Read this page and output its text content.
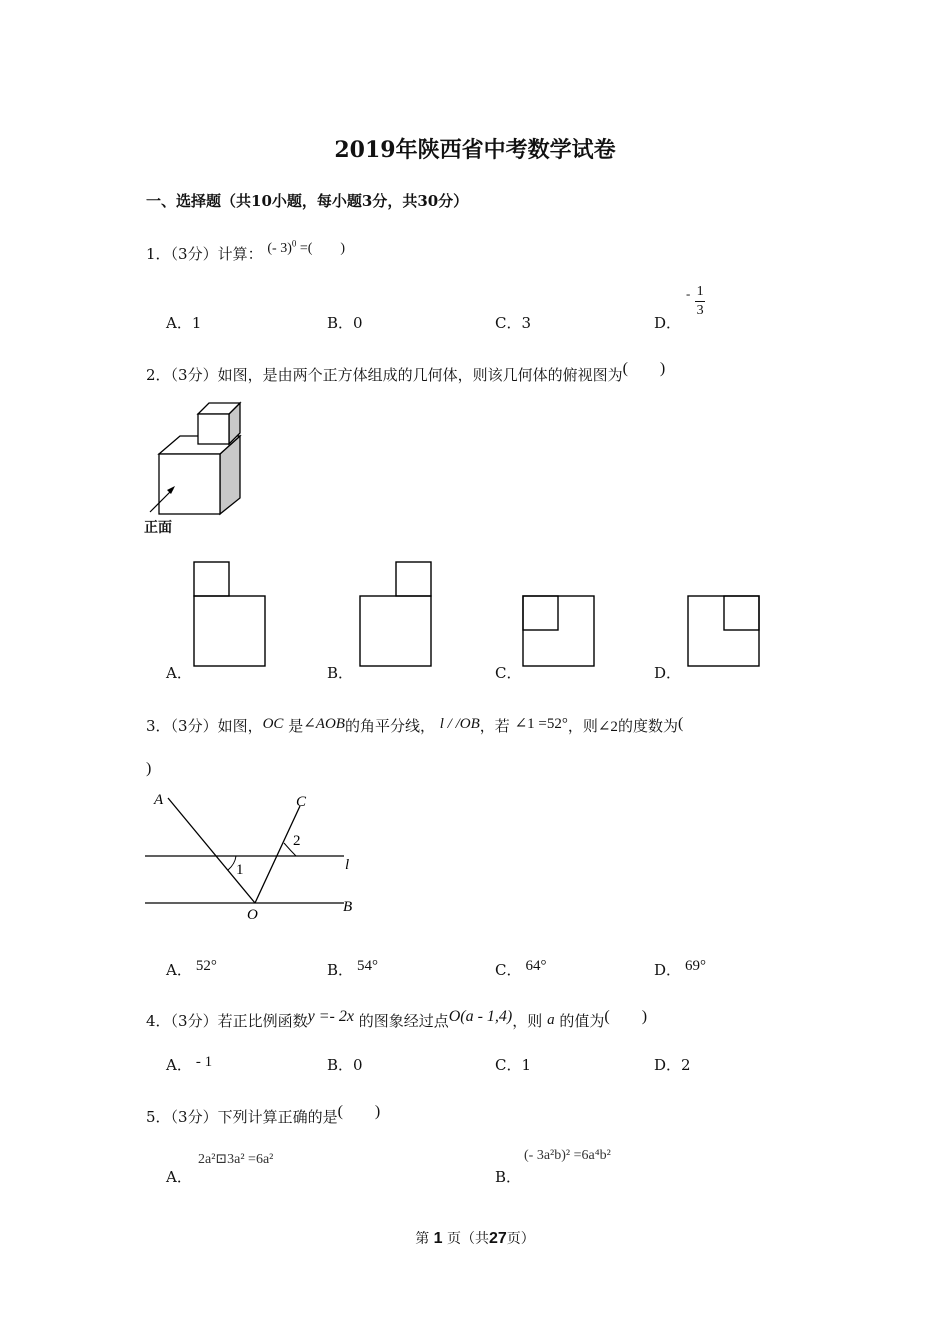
2019年陕西省中考数学试卷
一、选择题（共10小题，每小题3分，共30分）
1．（3分）计算： (- 3)$^0$ =(　　)
A．1	B．0	C．3	D．
- $\frac{1}{3}$
2．（3分）如图，是由两个正方体组成的几何体，则该几何体的俯视图为(　　)
正面
A．	B．	C．	D．
3．（3分）如图，OC 是∠AOB的角平分线， l / /OB，若 ∠1 =52°，则∠2的度数为(
)
A	C
1
2
l
O	B
A． 52°	B． 54°	C． 64°	D． 69°
4．（3分）若正比例函数y =- 2x 的图象经过点O(a - 1,4)，则 a 的值为(　　)
A． - 1	B．0	C．1	D．2
5．（3分）下列计算正确的是(　　)
A．
2a²⊡3a² =6a²
B．
(- 3a²b)² =6a⁴b²
第 1 页（共27页）
